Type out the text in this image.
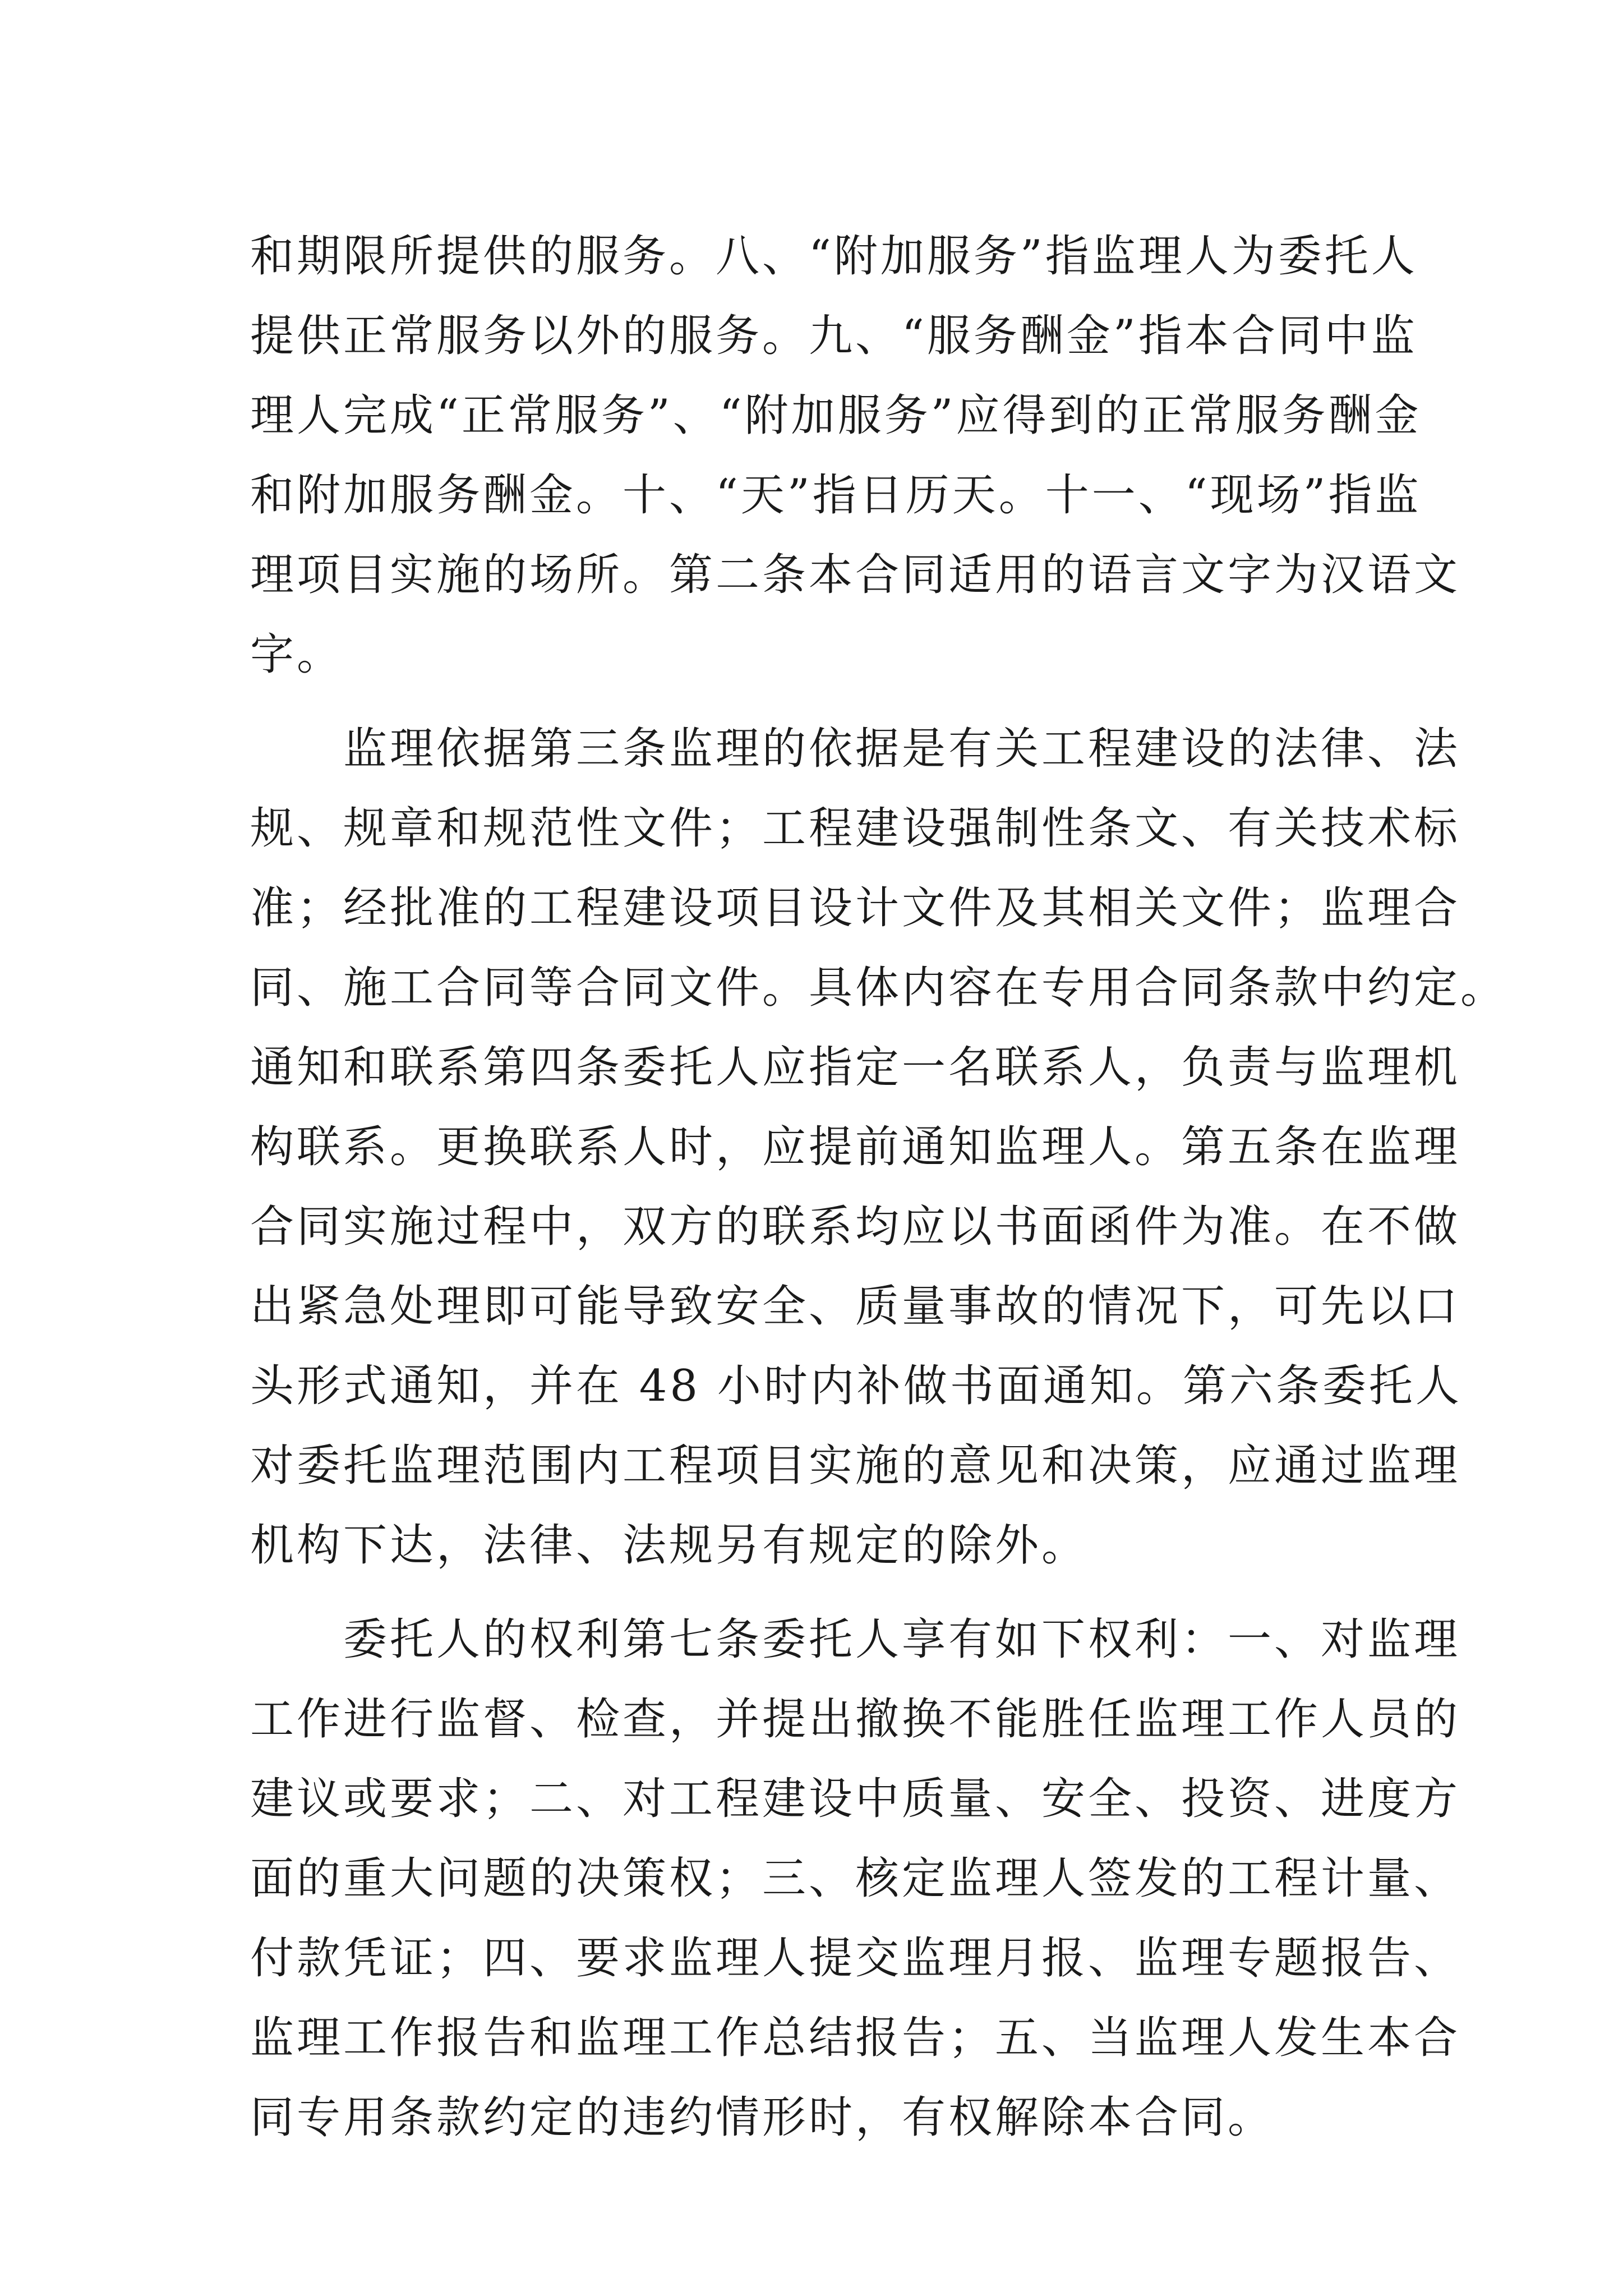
和期限所提供的服务。八、“附加服务”指监理人为委托人
提供正常服务以外的服务。九、“服务酬金”指本合同中监
理人完成“正常服务”、“附加服务”应得到的正常服务酬金
和附加服务酬金。十、“天”指日历天。十一、“现场”指监
理项目实施的场所。第二条本合同适用的语言文字为汉语文
字。
　　监理依据第三条监理的依据是有关工程建设的法律、法
规、规章和规范性文件；工程建设强制性条文、有关技术标
准；经批准的工程建设项目设计文件及其相关文件；监理合
同、施工合同等合同文件。具体内容在专用合同条款中约定。
通知和联系第四条委托人应指定一名联系人，负责与监理机
构联系。更换联系人时，应提前通知监理人。第五条在监理
合同实施过程中，双方的联系均应以书面函件为准。在不做
出紧急处理即可能导致安全、质量事故的情况下，可先以口
头形式通知，并在 48 小时内补做书面通知。第六条委托人
对委托监理范围内工程项目实施的意见和决策，应通过监理
机构下达，法律、法规另有规定的除外。
　　委托人的权利第七条委托人享有如下权利：一、对监理
工作进行监督、检查，并提出撤换不能胜任监理工作人员的
建议或要求；二、对工程建设中质量、安全、投资、进度方
面的重大问题的决策权；三、核定监理人签发的工程计量、
付款凭证；四、要求监理人提交监理月报、监理专题报告、
监理工作报告和监理工作总结报告；五、当监理人发生本合
同专用条款约定的违约情形时，有权解除本合同。
